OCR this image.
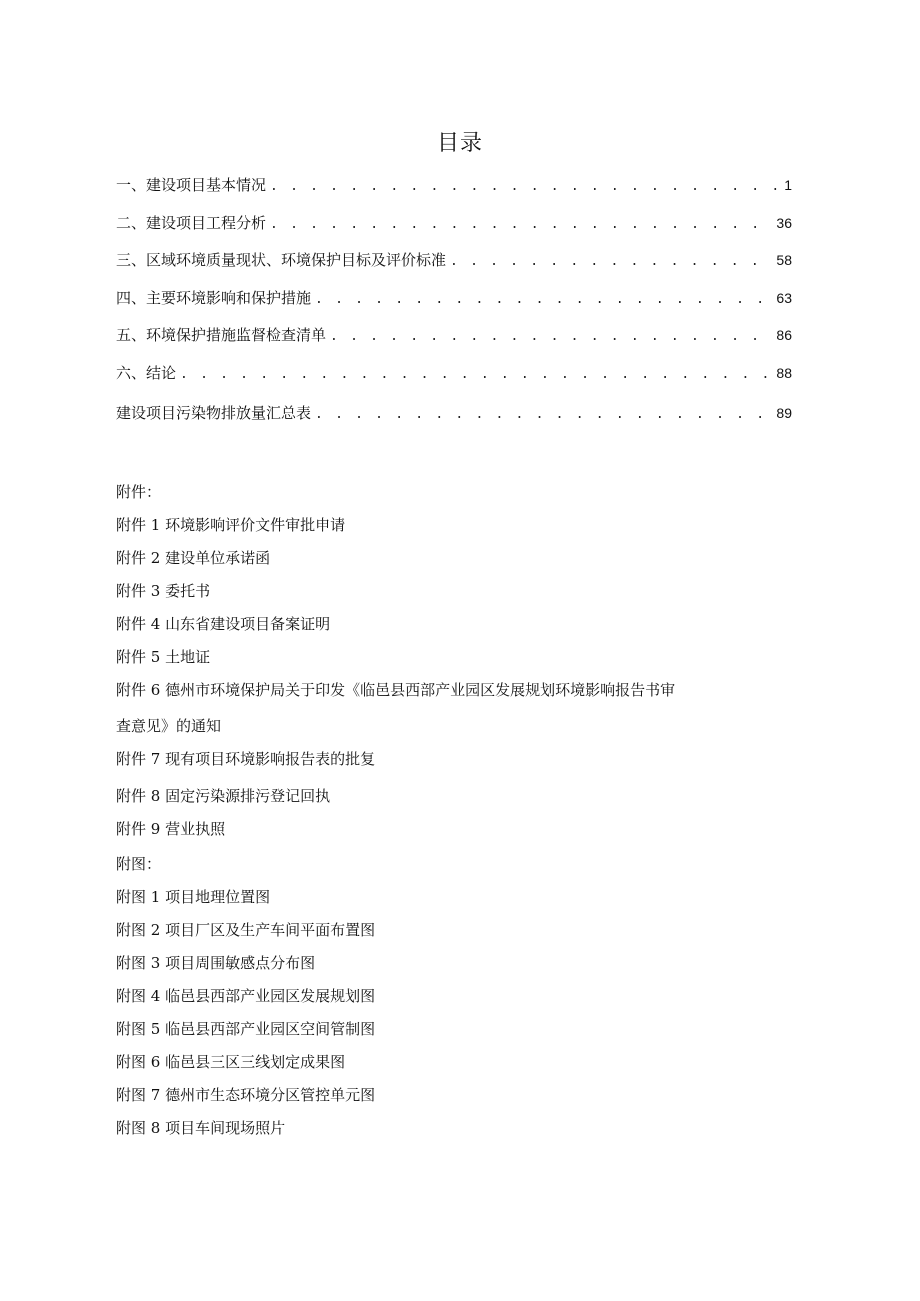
目录
一、建设项目基本情况 . . .	1
二、建设项目工程分析 . . .	36
三、区域环境质量现状、环境保护目标及评价标准 . . .	58
四、主要环境影响和保护措施 . . .	63
五、环境保护措施监督检查清单 . . .	86
六、结论 . . .	88
建设项目污染物排放量汇总表 . . .	89
附件：
附件 1 环境影响评价文件审批申请
附件 2 建设单位承诺函
附件 3 委托书
附件 4 山东省建设项目备案证明
附件 5 土地证
附件 6 德州市环境保护局关于印发《临邑县西部产业园区发展规划环境影响报告书审
查意见》的通知
附件 7 现有项目环境影响报告表的批复
附件 8 固定污染源排污登记回执
附件 9 营业执照
附图：
附图 1 项目地理位置图
附图 2 项目厂区及生产车间平面布置图
附图 3 项目周围敏感点分布图
附图 4 临邑县西部产业园区发展规划图
附图 5 临邑县西部产业园区空间管制图
附图 6 临邑县三区三线划定成果图
附图 7 德州市生态环境分区管控单元图
附图 8 项目车间现场照片
